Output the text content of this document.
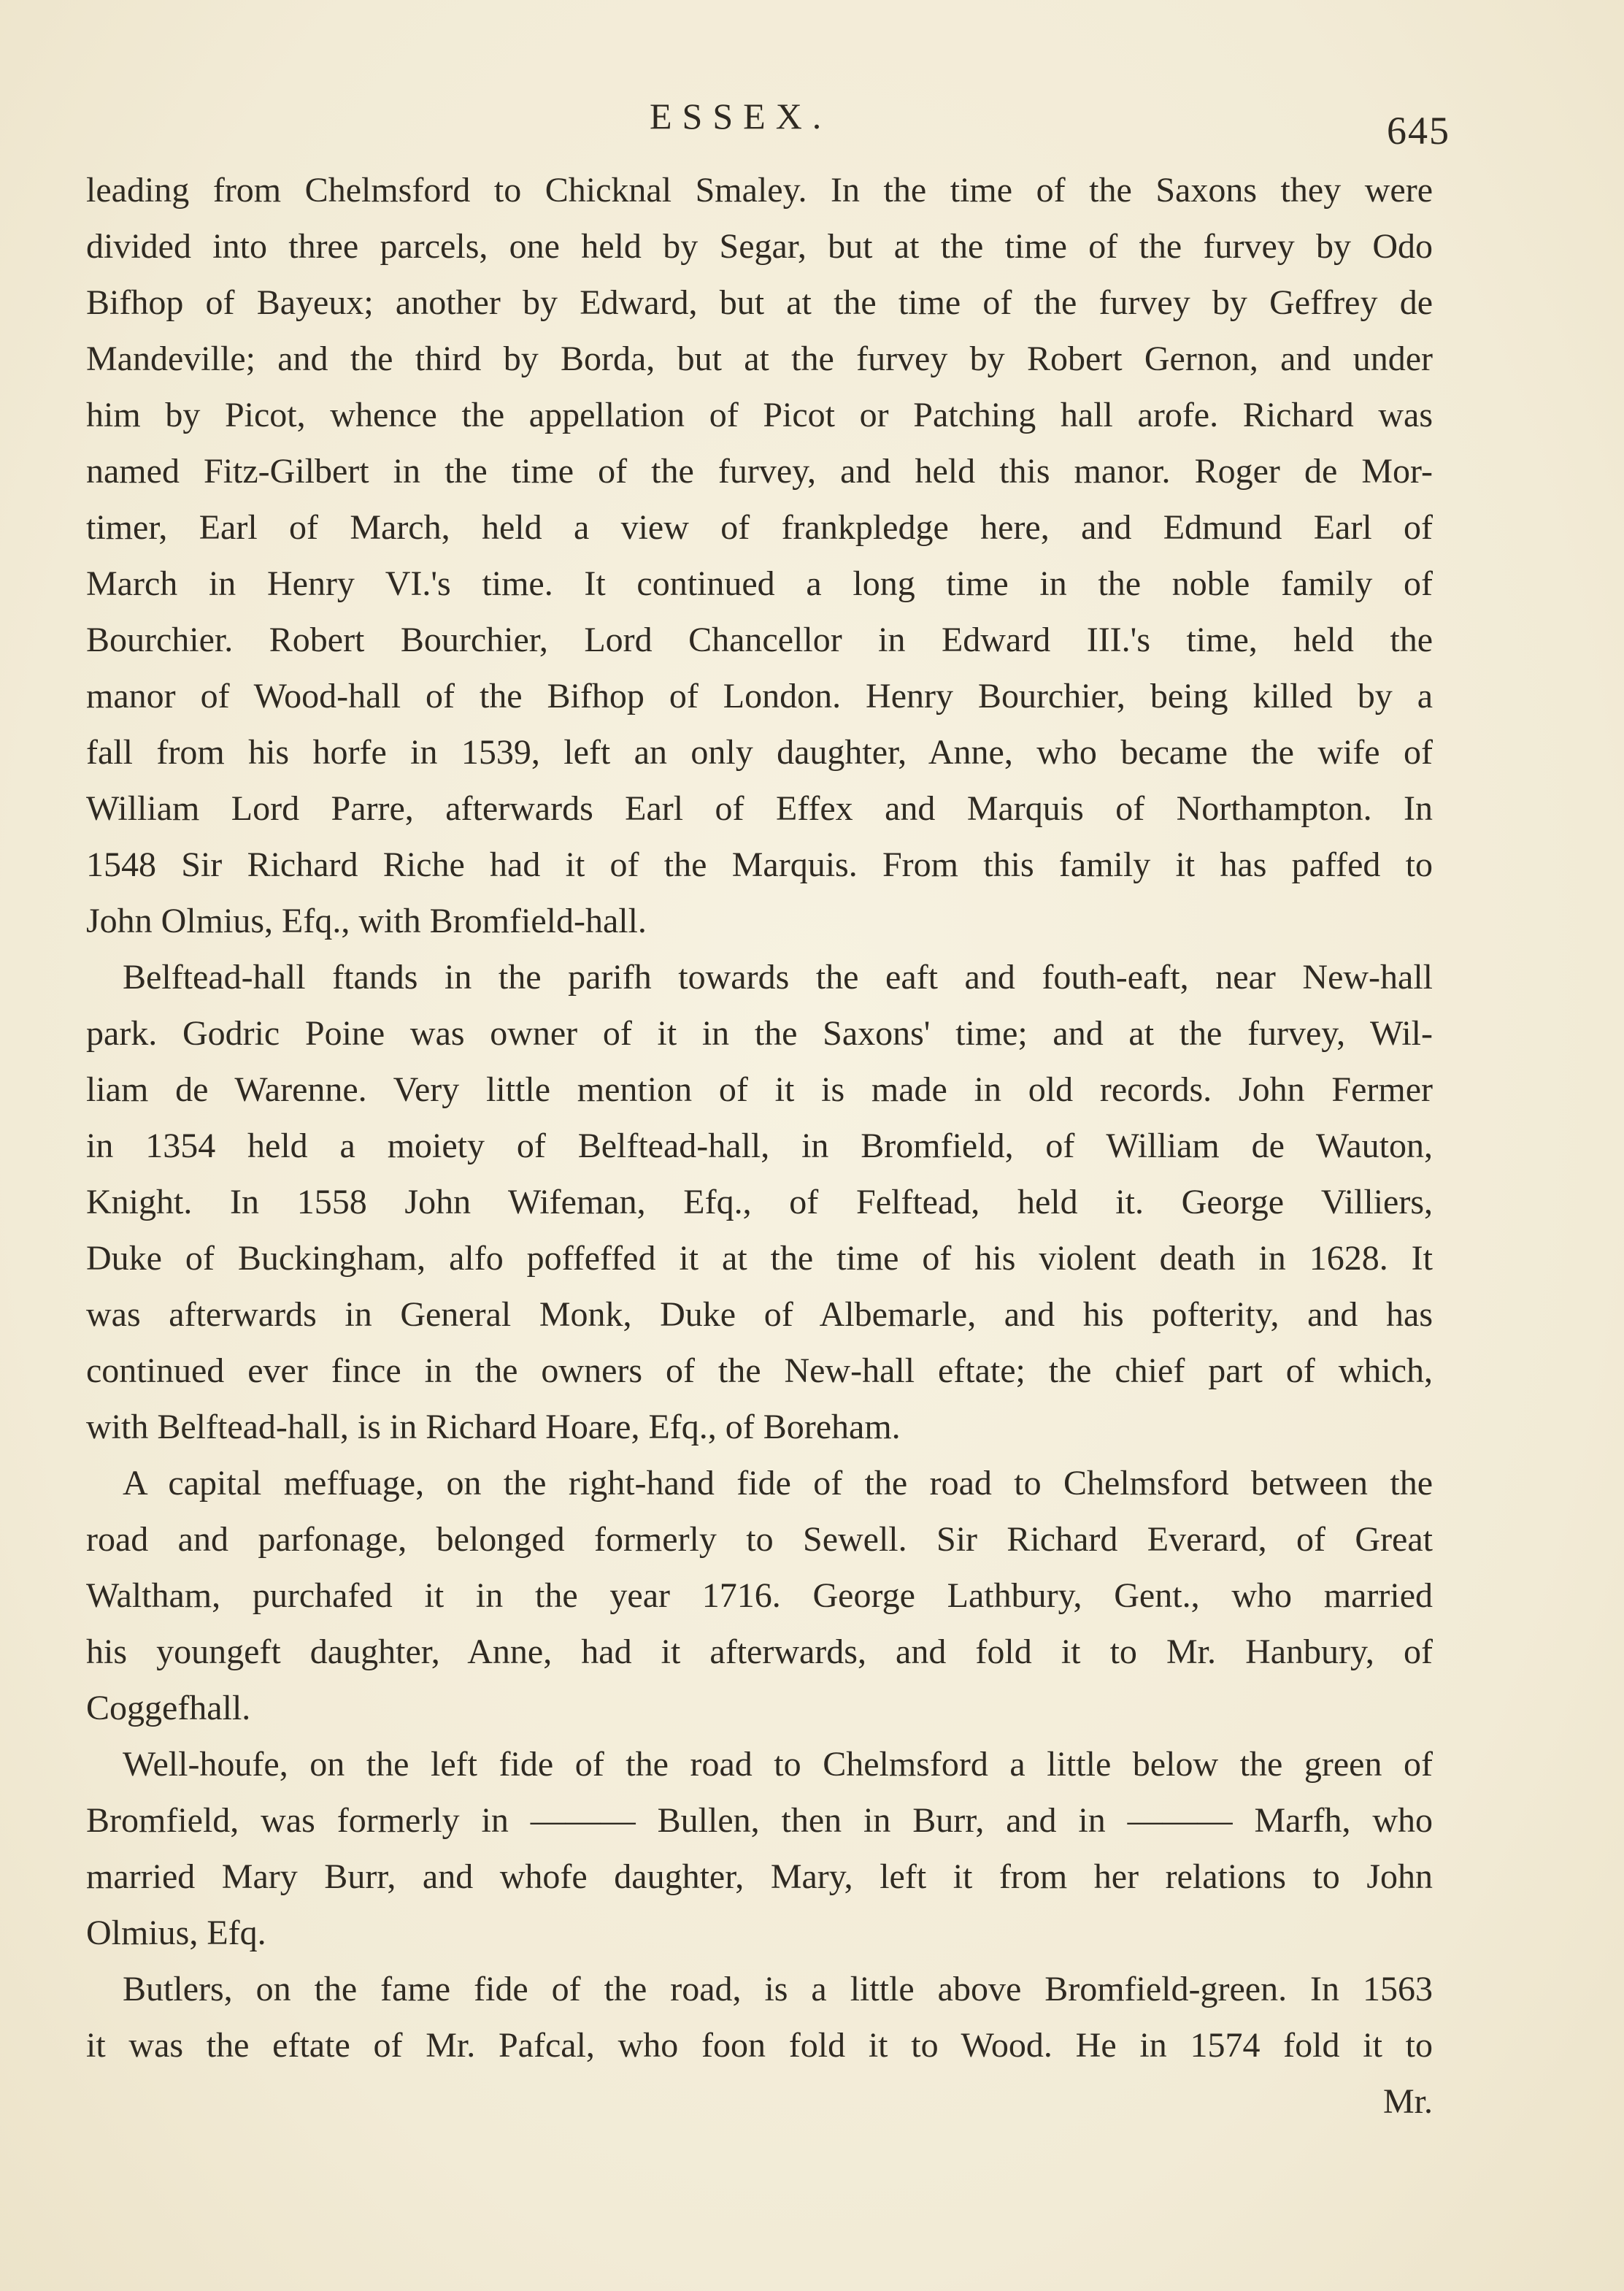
ESSEX.	645
leading from Chelmsford to Chicknal Smaley. In the time of the Saxons they were
divided into three parcels, one held by Segar, but at the time of the furvey by Odo
Bifhop of Bayeux; another by Edward, but at the time of the furvey by Geffrey de
Mandeville; and the third by Borda, but at the furvey by Robert Gernon, and under
him by Picot, whence the appellation of Picot or Patching hall arofe. Richard was
named Fitz-Gilbert in the time of the furvey, and held this manor. Roger de Mor-
timer, Earl of March, held a view of frankpledge here, and Edmund Earl of
March in Henry VI.'s time. It continued a long time in the noble family of
Bourchier. Robert Bourchier, Lord Chancellor in Edward III.'s time, held the
manor of Wood-hall of the Bifhop of London. Henry Bourchier, being killed by a
fall from his horfe in 1539, left an only daughter, Anne, who became the wife of
William Lord Parre, afterwards Earl of Effex and Marquis of Northampton. In
1548 Sir Richard Riche had it of the Marquis. From this family it has paffed to
John Olmius, Efq., with Bromfield-hall.
Belftead-hall ftands in the parifh towards the eaft and fouth-eaft, near New-hall
park. Godric Poine was owner of it in the Saxons' time; and at the furvey, Wil-
liam de Warenne. Very little mention of it is made in old records. John Fermer
in 1354 held a moiety of Belftead-hall, in Bromfield, of William de Wauton,
Knight. In 1558 John Wifeman, Efq., of Felftead, held it. George Villiers,
Duke of Buckingham, alfo poffeffed it at the time of his violent death in 1628. It
was afterwards in General Monk, Duke of Albemarle, and his pofterity, and has
continued ever fince in the owners of the New-hall eftate; the chief part of which,
with Belftead-hall, is in Richard Hoare, Efq., of Boreham.
A capital meffuage, on the right-hand fide of the road to Chelmsford between the
road and parfonage, belonged formerly to Sewell. Sir Richard Everard, of Great
Waltham, purchafed it in the year 1716. George Lathbury, Gent., who married
his youngeft daughter, Anne, had it afterwards, and fold it to Mr. Hanbury, of
Coggefhall.
Well-houfe, on the left fide of the road to Chelmsford a little below the green of
Bromfield, was formerly in ——— Bullen, then in Burr, and in ——— Marfh, who
married Mary Burr, and whofe daughter, Mary, left it from her relations to John
Olmius, Efq.
Butlers, on the fame fide of the road, is a little above Bromfield-green. In 1563
it was the eftate of Mr. Pafcal, who foon fold it to Wood. He in 1574 fold it to
Mr.
